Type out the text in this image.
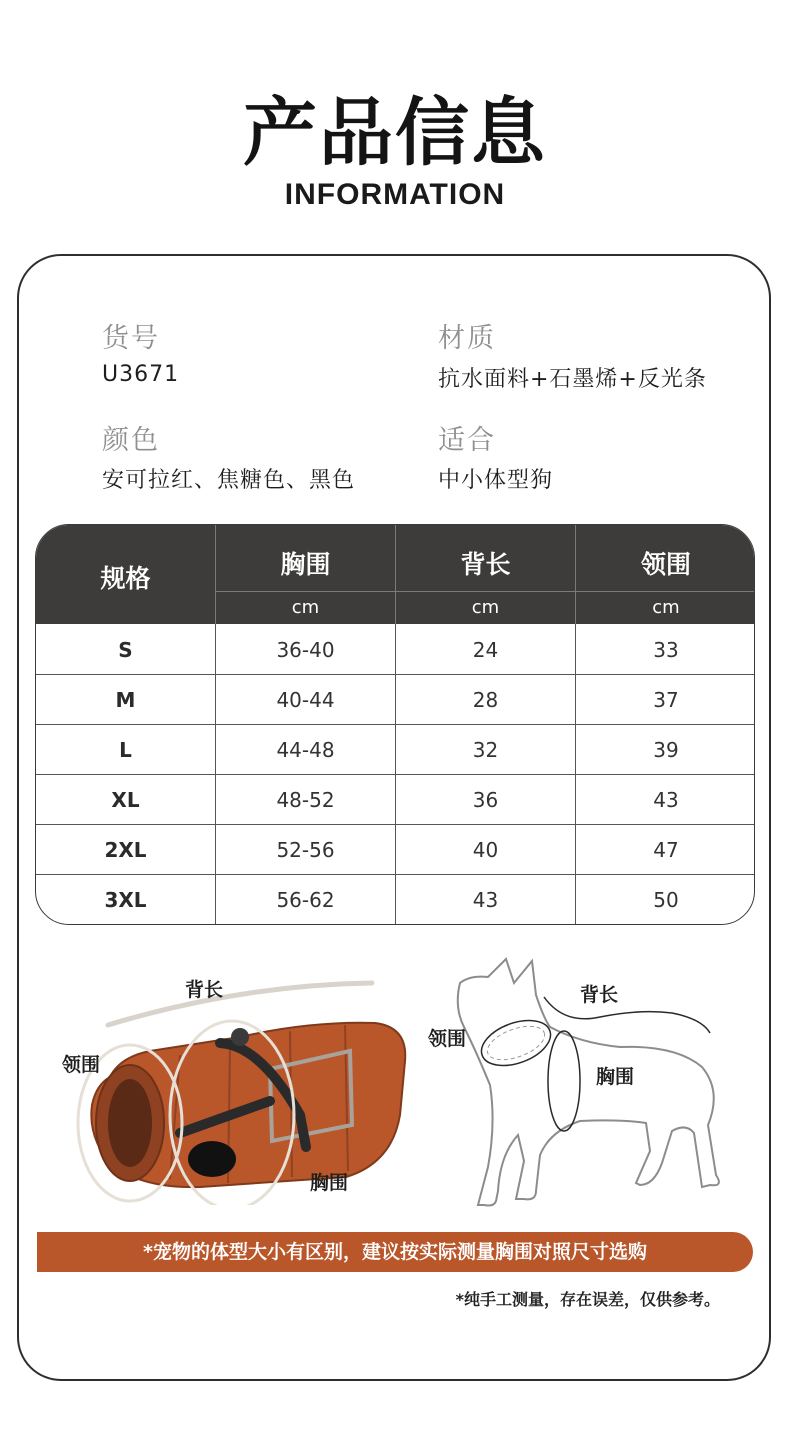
产品信息
INFORMATION
货号
U3671
材质
抗水面料+石墨烯+反光条
颜色
安可拉红、焦糖色、黑色
适合
中小体型狗
规格	胸围	背长	领围
cm	cm	cm
S	36-40	24	33
M	40-44	28	37
L	44-48	32	39
XL	48-52	36	43
2XL	52-56	40	47
3XL	56-62	43	50
背长
领围
胸围
背长
领围
胸围
*宠物的体型大小有区别，建议按实际测量胸围对照尺寸选购
*纯手工测量，存在误差，仅供参考。
